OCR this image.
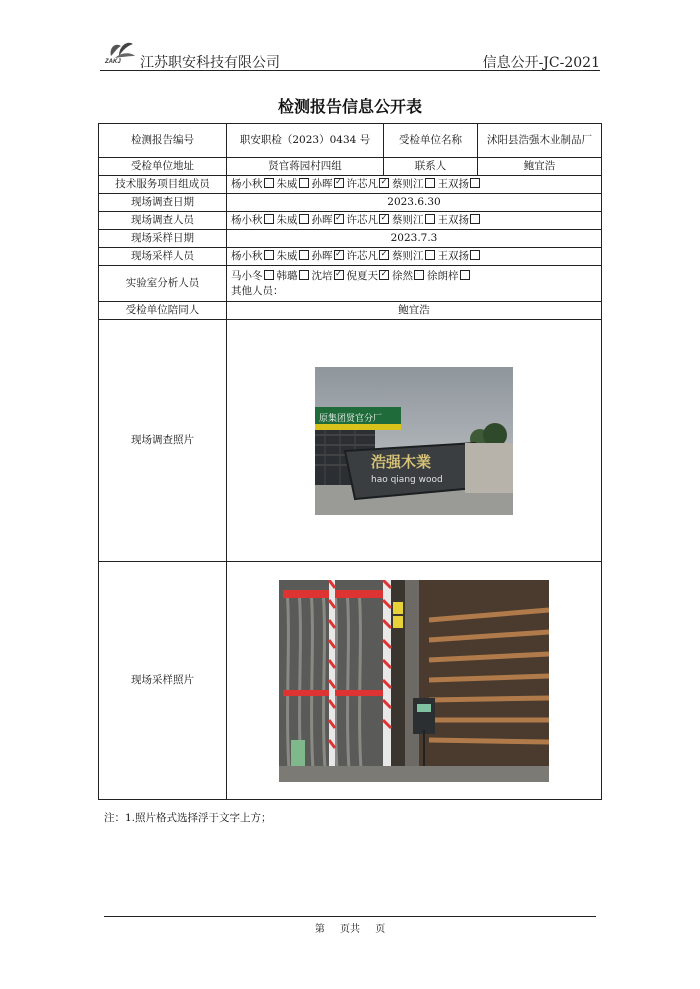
ZAKJ 江苏职安科技有限公司	信息公开-JC-2021
检测报告信息公开表
检测报告编号	职安职检（2023）0434 号	受检单位名称	沭阳县浩强木业制品厂
受检单位地址	贤官蒋园村四组	联系人	鲍宜浩
技术服务项目组成员	杨小秋 朱威 孙晖 ✓ 许芯凡 ✓ 蔡则江 王双扬
现场调查日期	2023.6.30		
现场调查人员	杨小秋 朱威 孙晖 ✓ 许芯凡 ✓ 蔡则江 王双扬
现场采样日期	2023.7.3		
现场采样人员	杨小秋 朱威 孙晖 ✓ 许芯凡 ✓ 蔡则江 王双扬
实验室分析人员	马小冬 韩璐 沈培 ✓ 倪夏天 ✓ 徐然 徐朗梓
其他人员：

受检单位陪同人	鲍宜浩		
现场调查照片	原集团贤官分厂
浩强木業
hao qiang wood		

现场采样照片	
注：1.照片格式选择浮于文字上方；
第 页共 页
